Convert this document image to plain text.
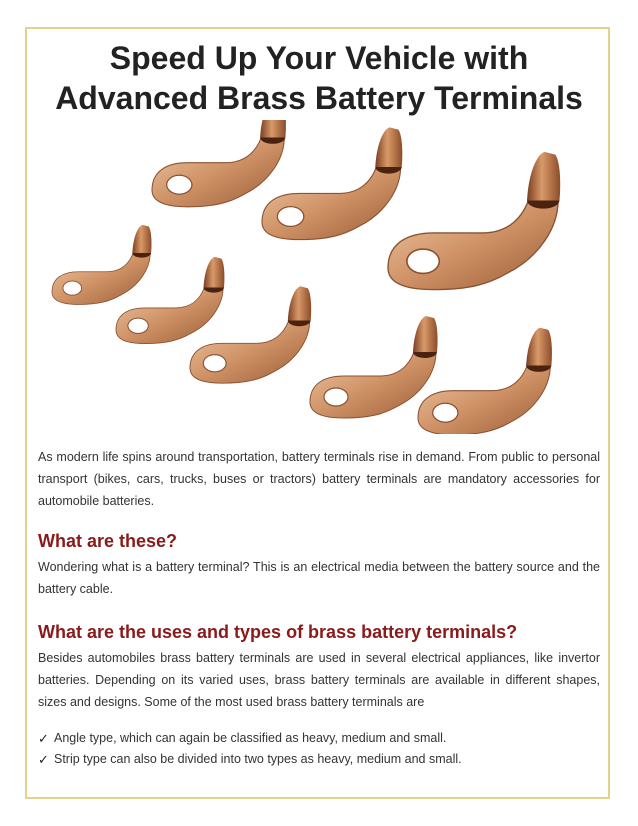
Speed Up Your Vehicle with
Advanced Brass Battery Terminals

As modern life spins around transportation, battery terminals rise in demand. From public to personal transport (bikes, cars, trucks, buses or tractors) battery terminals are mandatory accessories for automobile batteries.

What are these?

Wondering what is a battery terminal? This is an electrical media between the battery source and the battery cable.

What are the uses and types of brass battery terminals?

Besides automobiles brass battery terminals are used in several electrical appliances, like invertor batteries. Depending on its varied uses, brass battery terminals are available in different shapes, sizes and designs. Some of the most used brass battery terminals are

✓ Angle type, which can again be classified as heavy, medium and small.
✓ Strip type can also be divided into two types as heavy, medium and small.
